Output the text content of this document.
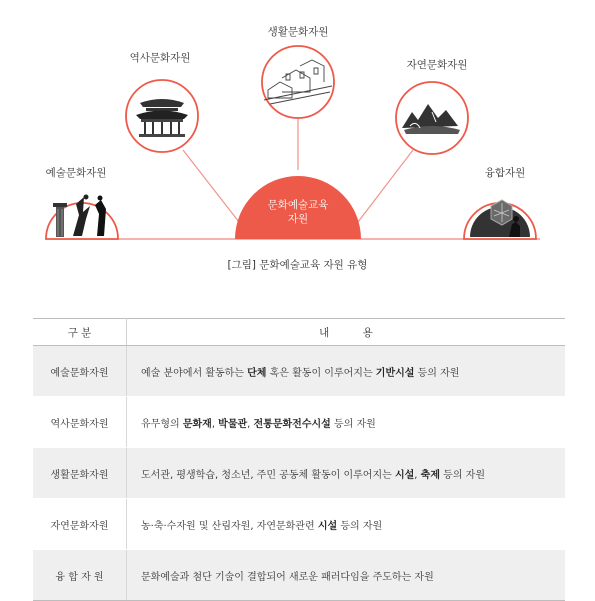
문화예술교육
자원
예술문화자원
역사문화자원
생활문화자원
자연문화자원
융합자원
[그림] 문화예술교육 자원 유형
구 분	내          용
예술문화자원	예술 분야에서 활동하는 단체 혹은 활동이 이루어지는 기반시설 등의 자원
역사문화자원	유무형의 문화재, 박물관, 전통문화전수시설 등의 자원
생활문화자원	도서관, 평생학습, 청소년, 주민 공동체 활동이 이루어지는 시설, 축제 등의 자원
자연문화자원	농·축·수자원 및 산림자원, 자연문화관련 시설 등의 자원
융 합 자 원	문화예술과 첨단 기술이 결합되어 새로운 패러다임을 주도하는 자원
